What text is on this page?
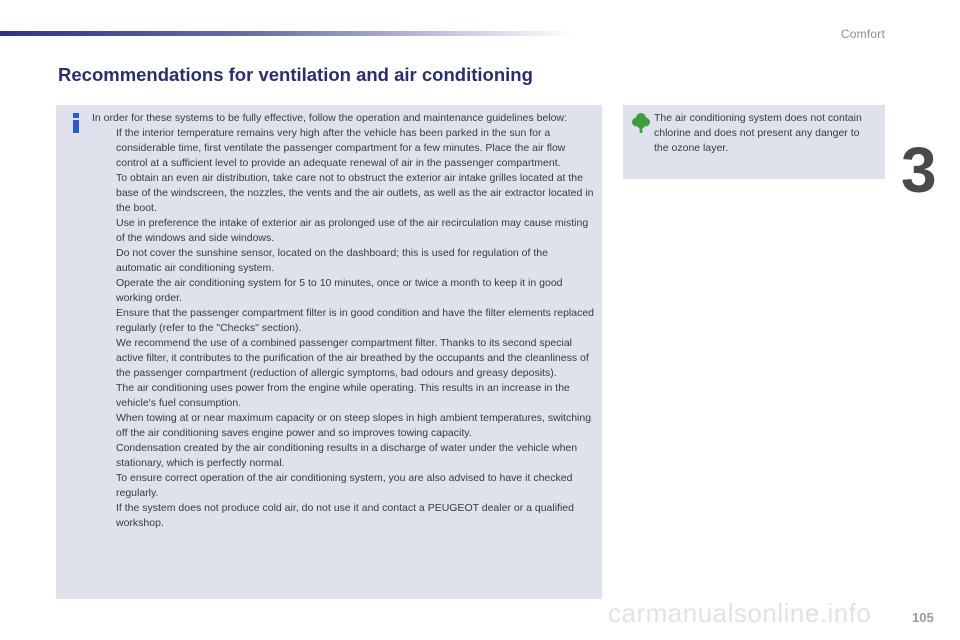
Comfort
3
Recommendations for ventilation and air conditioning

In order for these systems to be fully effective, follow the operation and maintenance guidelines below:

If the interior temperature remains very high after the vehicle has been parked in the sun for a considerable time, first ventilate the passenger compartment for a few minutes. Place the air flow control at a sufficient level to provide an adequate renewal of air in the passenger compartment.
To obtain an even air distribution, take care not to obstruct the exterior air intake grilles located at the base of the windscreen, the nozzles, the vents and the air outlets, as well as the air extractor located in the boot.
Use in preference the intake of exterior air as prolonged use of the air recirculation may cause misting of the windows and side windows.
Do not cover the sunshine sensor, located on the dashboard; this is used for regulation of the automatic air conditioning system.
Operate the air conditioning system for 5 to 10 minutes, once or twice a month to keep it in good working order.
Ensure that the passenger compartment filter is in good condition and have the filter elements replaced regularly (refer to the "Checks" section).
We recommend the use of a combined passenger compartment filter. Thanks to its second special active filter, it contributes to the purification of the air breathed by the occupants and the cleanliness of the passenger compartment (reduction of allergic symptoms, bad odours and greasy deposits).
The air conditioning uses power from the engine while operating. This results in an increase in the vehicle's fuel consumption.
When towing at or near maximum capacity or on steep slopes in high ambient temperatures, switching off the air conditioning saves engine power and so improves towing capacity.
Condensation created by the air conditioning results in a discharge of water under the vehicle when stationary, which is perfectly normal.
To ensure correct operation of the air conditioning system, you are also advised to have it checked regularly.
If the system does not produce cold air, do not use it and contact a PEUGEOT dealer or a qualified workshop.

The air conditioning system does not contain chlorine and does not present any danger to the ozone layer.

105
carmanualsonline.info
